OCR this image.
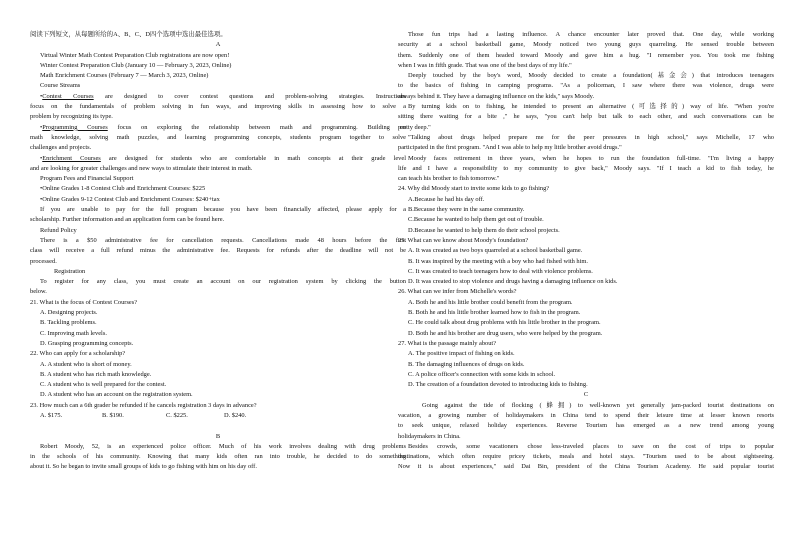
阅读下列短文，从每题所给的A、B、C、D四个选项中选出最佳选项。
A
Virtual Winter Math Contest Preparation Club registrations are now open!
Winter Contest Preparation Club (January 10 — February 3, 2023, Online)
Math Enrichment Courses (February 7 — March 3, 2023, Online)
Course Streams
•Contest Courses are designed to cover contest questions and problem-solving strategies. Instructions
focus on the fundamentals of problem solving in fun ways, and improving skills in assessing how to solve a
problem by recognizing its type.
•Programming Courses focus on exploring the relationship between math and programming. Building on
math knowledge, solving math puzzles, and learning programming concepts, students program together to solve
challenges and projects.
•Enrichment Courses are designed for students who are comfortable in math concepts at their grade level
and are looking for greater challenges and new ways to stimulate their interest in math.
Program Fees and Financial Support
•Online Grades 1-8 Contest Club and Enrichment Courses: $225
•Online Grades 9-12 Contest Club and Enrichment Courses: $240+tax
If you are unable to pay for the full program because you have been financially affected, please apply for a
scholarship. Further information and an application form can be found here.
Refund Policy
There is a $50 administrative fee for cancellation requests. Cancellations made 48 hours before the first
class will receive a full refund minus the administrative fee. Requests for refunds after the deadline will not be
processed.
Registration
To register for any class, you must create an account on our registration system by clicking the button
below.
21. What is the focus of Contest Courses?
A. Designing projects.
B. Tackling problems.
C. Improving math levels.
D. Grasping programming concepts.
22. Who can apply for a scholarship?
A. A student who is short of money.
B. A student who has rich math knowledge.
C. A student who is well prepared for the contest.
D. A student who has an account on the registration system.
23. How much can a 6th grader be refunded if he cancels registration 3 days in advance?
A. $175.	B. $190.	C. $225.	D. $240.
B
Robert Moody, 52, is an experienced police officer. Much of his work involves dealing with drug problems
in the schools of his community. Knowing that many kids often ran into trouble, he decided to do something
about it. So he began to invite small groups of kids to go fishing with him on his day off.
Those fun trips had a lasting influence. A chance encounter later proved that. One day, while working
security at a school basketball game, Moody noticed two young guys quarreling. He sensed trouble between
them. Suddenly one of them headed toward Moody and gave him a hug. "I remember you. You took me fishing
when I was in fifth grade. That was one of the best days of my life."
Deeply touched by the boy's word, Moody decided to create a foundation(基金会) that introduces teenagers
to the basics of fishing in camping programs. "As a policeman, I saw where there was violence, drugs were
always behind it. They have a damaging influence on the kids," says Moody.
By turning kids on to fishing, he intended to present an alternative (可选择的) way of life. "When you're
sitting there waiting for a bite ," he says, "you can't help but talk to each other, and such conversations can be
pretty deep."
"Talking about drugs helped prepare me for the peer pressures in high school," says Michelle, 17 who
participated in the first program. "And I was able to help my little brother avoid drugs."
Moody faces retirement in three years, when he hopes to run the foundation full-time. "I'm living a happy
life and I have a responsibility to my community to give back," Moody says. "If I teach a kid to fish today, he
can teach his brother to fish tomorrow."
24. Why did Moody start to invite some kids to go fishing?
A.Because he had his day off.
B.Because they were in the same community.
C.Because he wanted to help them get out of trouble.
D.Because he wanted to help them do their school projects.
25. What can we know about Moody's foundation?
A. It was created as two boys quarreled at a school basketball game.
B. It was inspired by the meeting with a boy who had fished with him.
C. It was created to teach teenagers how to deal with violence problems.
D. It was created to stop violence and drugs having a damaging influence on kids.
26. What can we infer from Michelle's words?
A. Both he and his little brother could benefit from the program.
B. Both he and his little brother learned how to fish in the program.
C. He could talk about drug problems with his little brother in the program.
D. Both he and his brother are drug users, who were helped by the program.
27. What is the passage mainly about?
A. The positive impact of fishing on kids.
B. The damaging influences of drugs on kids.
C. A police officer's connection with some kids in school.
D. The creation of a foundation devoted to introducing kids to fishing.
C
Going against the tide of flocking (蜂拥) to well-known yet generally jam-packed tourist destinations on
vacation, a growing number of holidaymakers in China tend to spend their leisure time at lesser known resorts
to seek unique, relaxed holiday experiences. Reverse Tourism has emerged as a new trend among young
holidaymakers in China.
Besides crowds, some vacationers chose less-traveled places to save on the cost of trips to popular
destinations, which often require pricey tickets, meals and hotel stays. "Tourism used to be about sightseeing.
Now it is about experiences," said Dai Bin, president of the China Tourism Academy. He said popular tourist
